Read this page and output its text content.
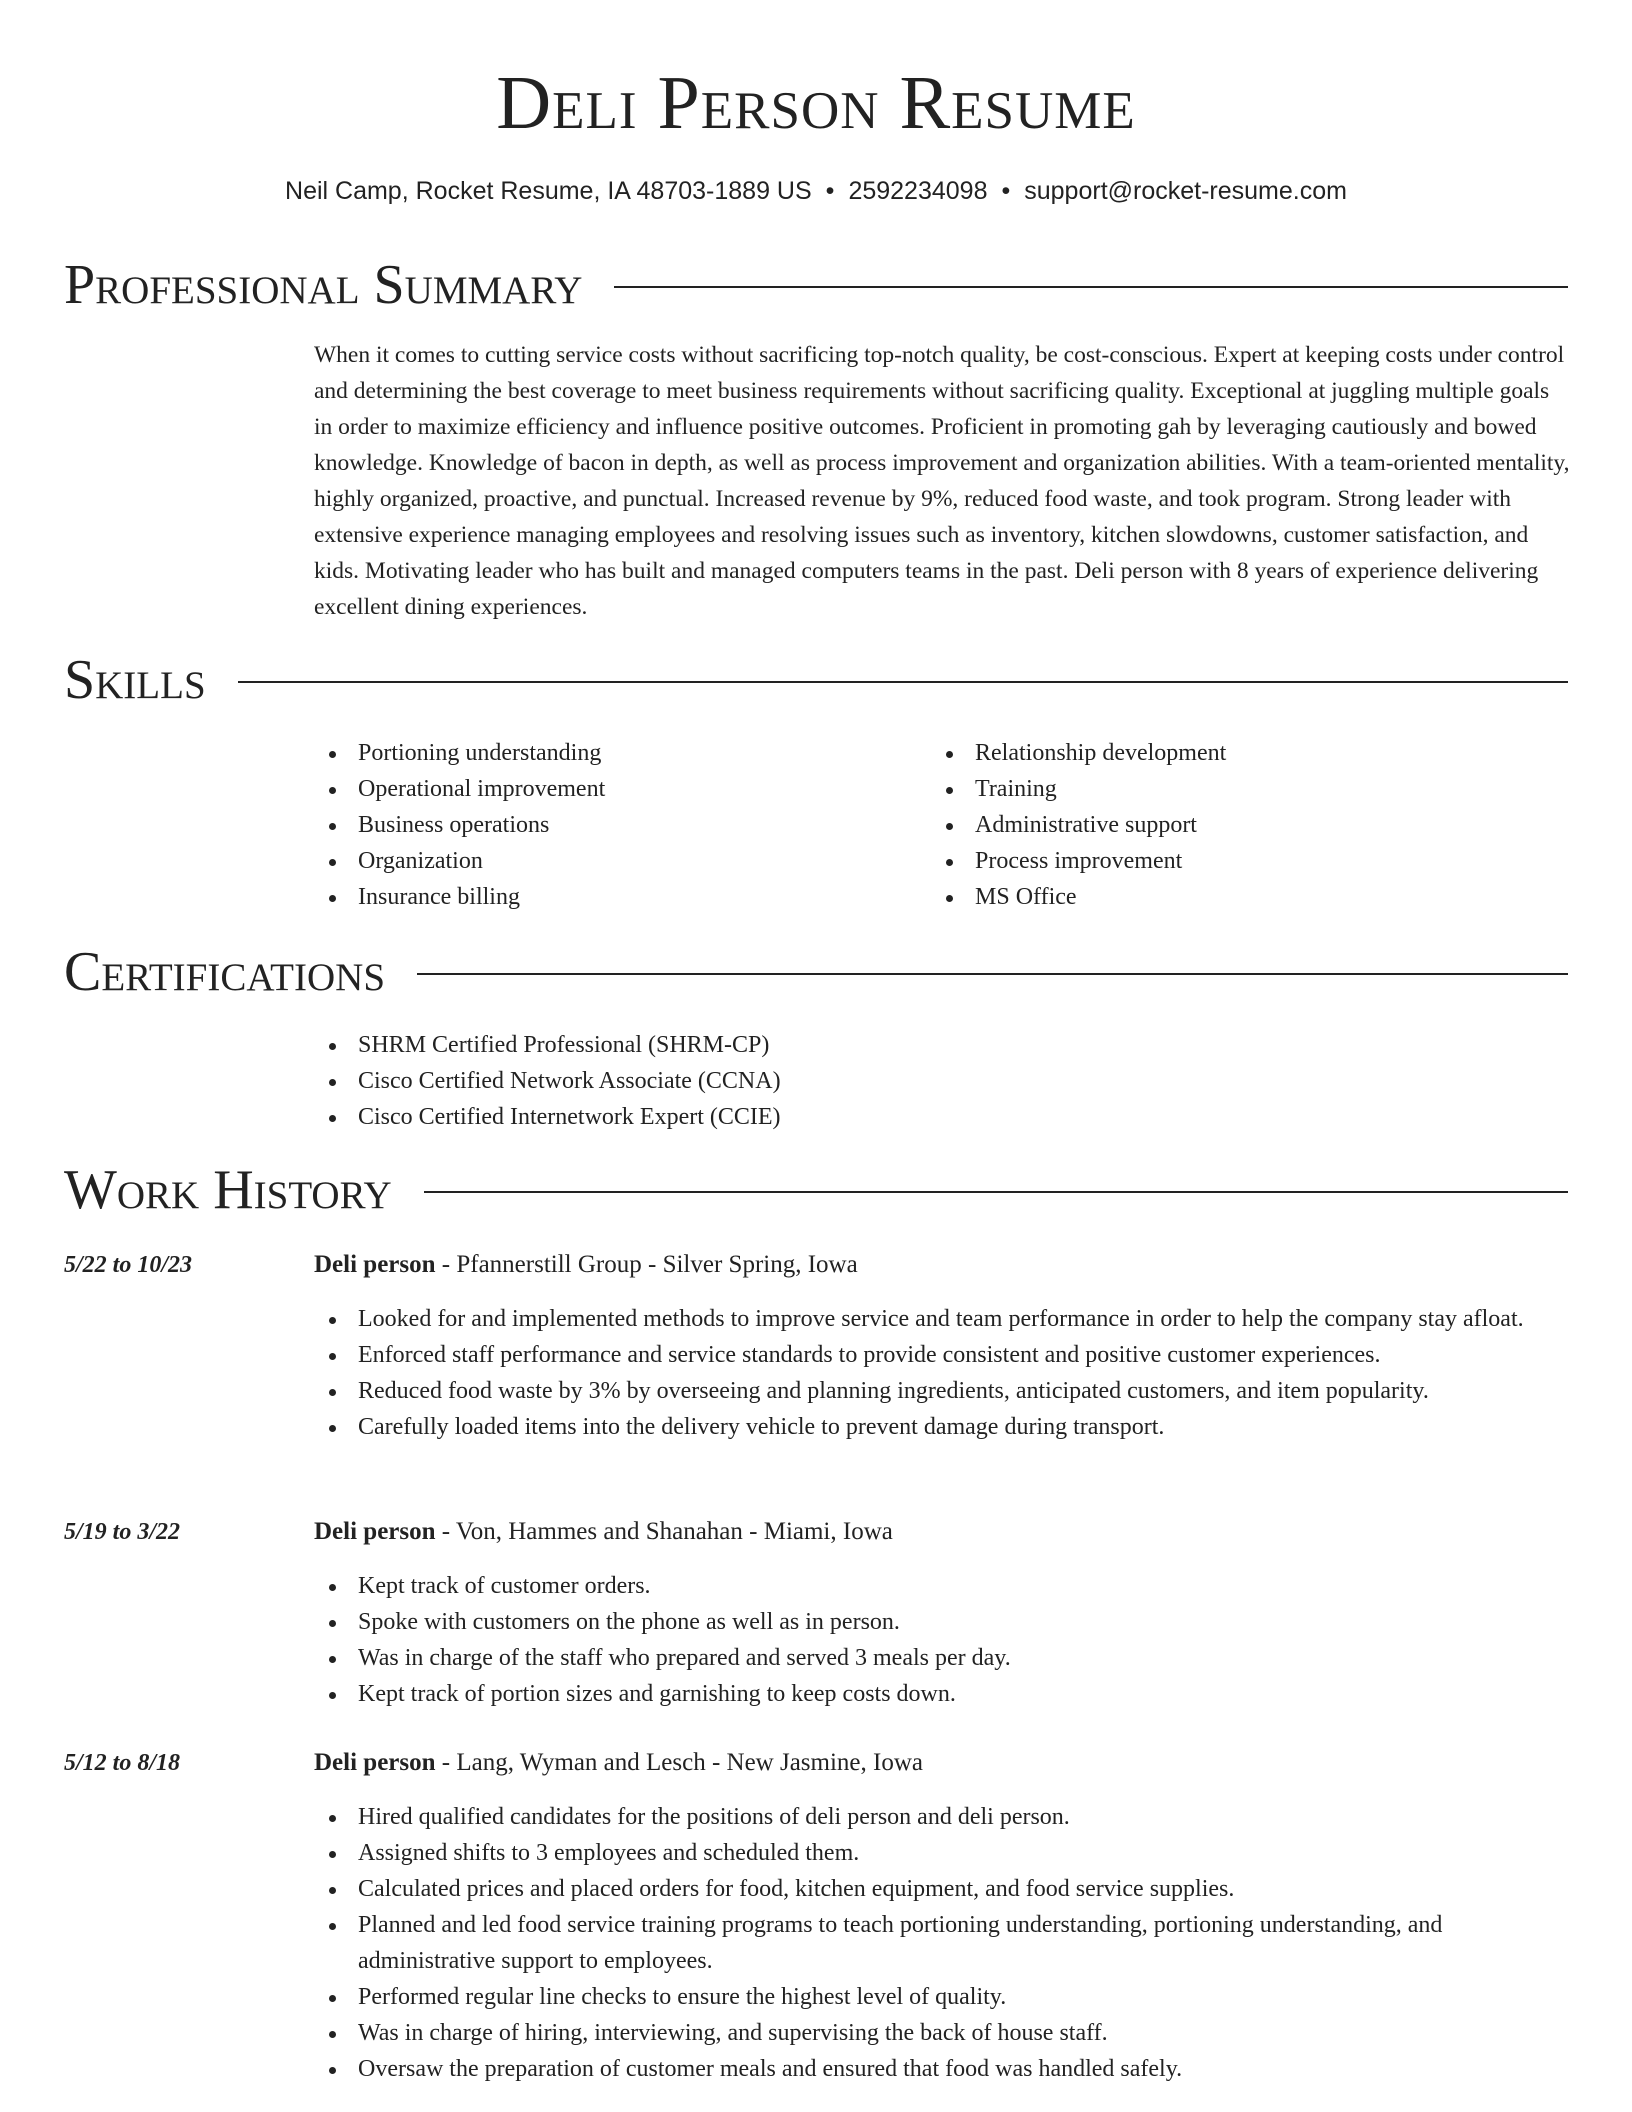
Deli Person Resume
Neil Camp, Rocket Resume, IA 48703-1889 US • 2592234098 • support@rocket-resume.com
Professional Summary

When it comes to cutting service costs without sacrificing top-notch quality, be cost-conscious. Expert at keeping costs under control and determining the best coverage to meet business requirements without sacrificing quality. Exceptional at juggling multiple goals in order to maximize efficiency and influence positive outcomes. Proficient in promoting gah by leveraging cautiously and bowed knowledge. Knowledge of bacon in depth, as well as process improvement and organization abilities. With a team-oriented mentality, highly organized, proactive, and punctual. Increased revenue by 9%, reduced food waste, and took program. Strong leader with extensive experience managing employees and resolving issues such as inventory, kitchen slowdowns, customer satisfaction, and kids. Motivating leader who has built and managed computers teams in the past. Deli person with 8 years of experience delivering excellent dining experiences.

Skills
Portioning understanding
Operational improvement
Business operations
Organization
Insurance billing
Relationship development
Training
Administrative support
Process improvement
MS Office
Certifications
SHRM Certified Professional (SHRM-CP)
Cisco Certified Network Associate (CCNA)
Cisco Certified Internetwork Expert (CCIE)
Work History
5/22 to 10/23	Deli person - Pfannerstill Group - Silver Spring, Iowa
Looked for and implemented methods to improve service and team performance in order to help the company stay afloat.
Enforced staff performance and service standards to provide consistent and positive customer experiences.
Reduced food waste by 3% by overseeing and planning ingredients, anticipated customers, and item popularity.
Carefully loaded items into the delivery vehicle to prevent damage during transport.
5/19 to 3/22	Deli person - Von, Hammes and Shanahan - Miami, Iowa
Kept track of customer orders.
Spoke with customers on the phone as well as in person.
Was in charge of the staff who prepared and served 3 meals per day.
Kept track of portion sizes and garnishing to keep costs down.
5/12 to 8/18	Deli person - Lang, Wyman and Lesch - New Jasmine, Iowa
Hired qualified candidates for the positions of deli person and deli person.
Assigned shifts to 3 employees and scheduled them.
Calculated prices and placed orders for food, kitchen equipment, and food service supplies.
Planned and led food service training programs to teach portioning understanding, portioning understanding, and administrative support to employees.
Performed regular line checks to ensure the highest level of quality.
Was in charge of hiring, interviewing, and supervising the back of house staff.
Oversaw the preparation of customer meals and ensured that food was handled safely.
